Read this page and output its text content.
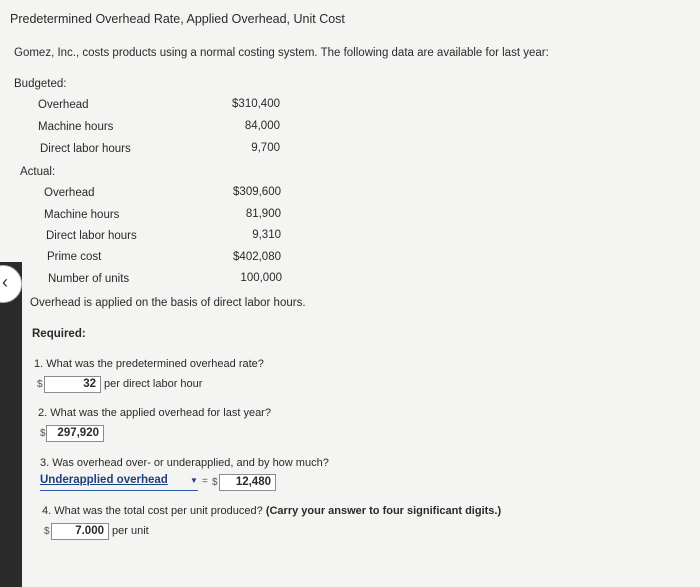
Predetermined Overhead Rate, Applied Overhead, Unit Cost
Gomez, Inc., costs products using a normal costing system. The following data are available for last year:
Budgeted:
Overhead	$310,400
Machine hours	84,000
Direct labor hours	9,700
Actual:
Overhead	$309,600
Machine hours	81,900
Direct labor hours	9,310
Prime cost	$402,080
Number of units	100,000
Overhead is applied on the basis of direct labor hours.
Required:
1. What was the predetermined overhead rate?
$	32 per direct labor hour
2. What was the applied overhead for last year?
$	297,920
3. Was overhead over- or underapplied, and by how much?
Underapplied overhead	▼ = $	12,480
4. What was the total cost per unit produced? (Carry your answer to four significant digits.)
$	7.000 per unit
‹
